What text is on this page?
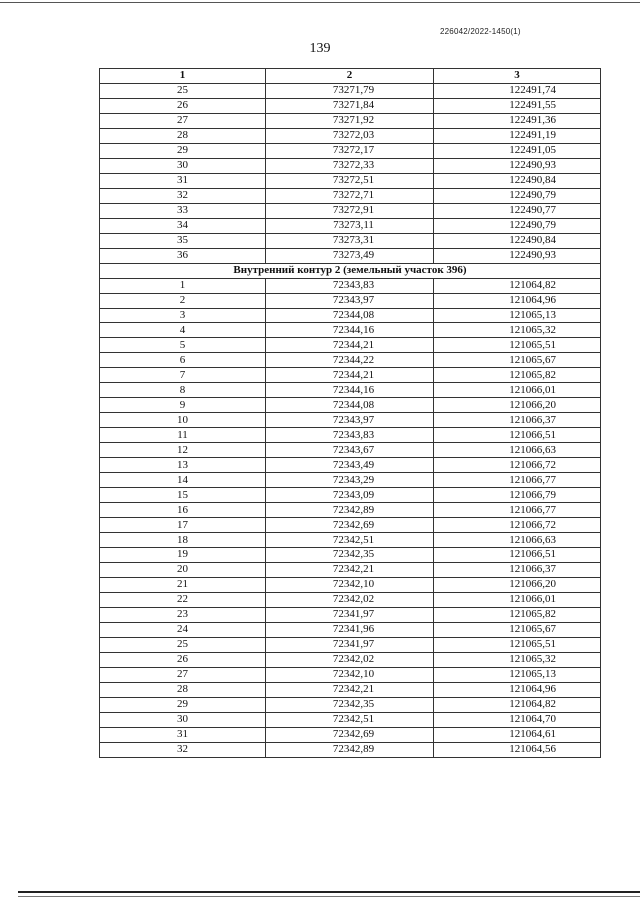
226042/2022-1450(1)
139
1	2	3
25	73271,79	122491,74
26	73271,84	122491,55
27	73271,92	122491,36
28	73272,03	122491,19
29	73272,17	122491,05
30	73272,33	122490,93
31	73272,51	122490,84
32	73272,71	122490,79
33	73272,91	122490,77
34	73273,11	122490,79
35	73273,31	122490,84
36	73273,49	122490,93
Внутренний контур 2 (земельный участок 396)		
1	72343,83	121064,82
2	72343,97	121064,96
3	72344,08	121065,13
4	72344,16	121065,32
5	72344,21	121065,51
6	72344,22	121065,67
7	72344,21	121065,82
8	72344,16	121066,01
9	72344,08	121066,20
10	72343,97	121066,37
11	72343,83	121066,51
12	72343,67	121066,63
13	72343,49	121066,72
14	72343,29	121066,77
15	72343,09	121066,79
16	72342,89	121066,77
17	72342,69	121066,72
18	72342,51	121066,63
19	72342,35	121066,51
20	72342,21	121066,37
21	72342,10	121066,20
22	72342,02	121066,01
23	72341,97	121065,82
24	72341,96	121065,67
25	72341,97	121065,51
26	72342,02	121065,32
27	72342,10	121065,13
28	72342,21	121064,96
29	72342,35	121064,82
30	72342,51	121064,70
31	72342,69	121064,61
32	72342,89	121064,56
